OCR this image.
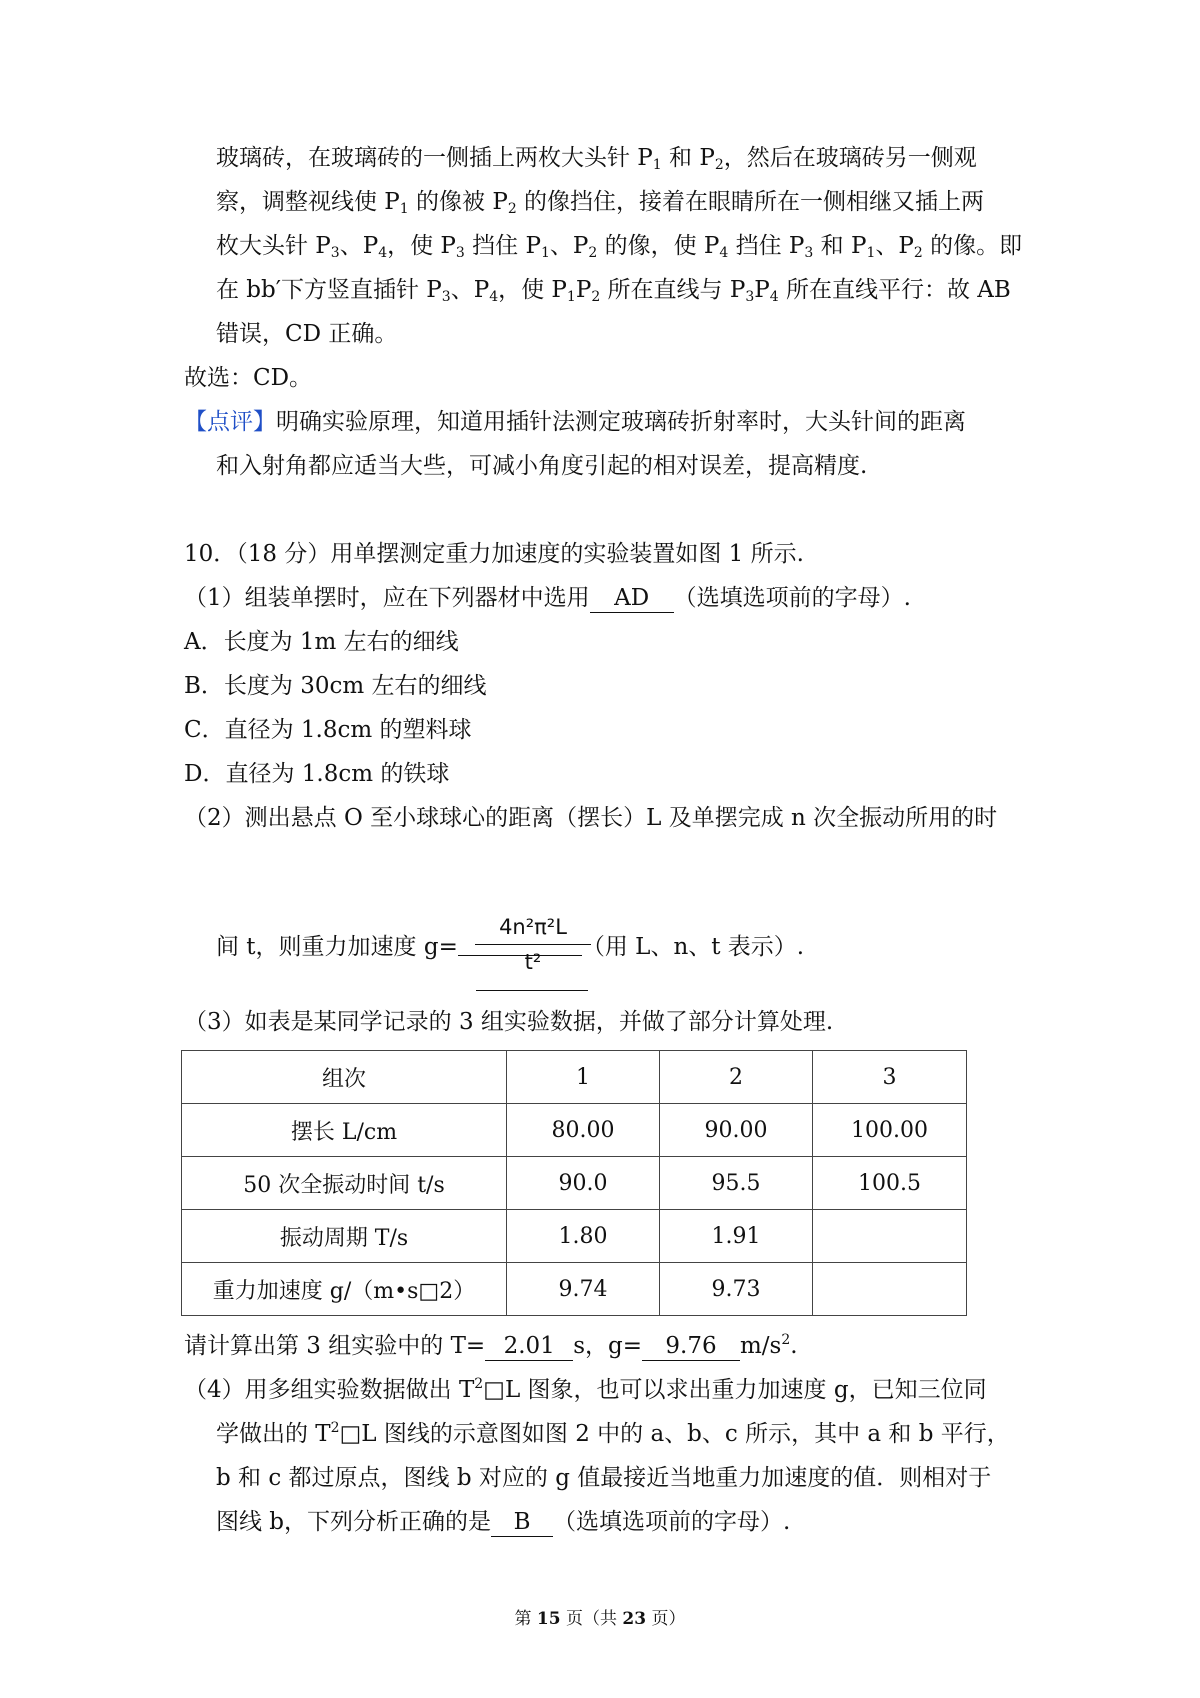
玻璃砖，在玻璃砖的一侧插上两枚大头针 $P_1$ 和 $P_2$，然后在玻璃砖另一侧观
察，调整视线使 $P_1$ 的像被 $P_2$ 的像挡住，接着在眼睛所在一侧相继又插上两
枚大头针 $P_3$、$P_4$，使 $P_3$ 挡住 $P_1$、$P_2$ 的像，使 $P_4$ 挡住 $P_3$ 和 $P_1$、$P_2$ 的像。即
在 bb′下方竖直插针 $P_3$、$P_4$，使 $P_1P_2$ 所在直线与 $P_3P_4$ 所在直线平行：故 AB
错误，CD 正确。
故选：CD。
【点评】明确实验原理，知道用插针法测定玻璃砖折射率时，大头针间的距离
和入射角都应适当大些，可减小角度引起的相对误差，提高精度.
10．（18 分）用单摆测定重力加速度的实验装置如图 1 所示.
（1）组装单摆时，应在下列器材中选用 AD （选填选项前的字母）.
A．长度为 1m 左右的细线
B．长度为 30cm 左右的细线
C．直径为 1.8cm 的塑料球
D．直径为 1.8cm 的铁球
（2）测出悬点 O 至小球球心的距离（摆长）L 及单摆完成 n 次全振动所用的时
间 t，则重力加速度 g=	（用 L、n、t 表示）.
4n²π²L
t²
（3）如表是某同学记录的 3 组实验数据，并做了部分计算处理.
组次	1	2	3
摆长 L/cm	80.00	90.00	100.00
50 次全振动时间 t/s	90.0	95.5	100.5
振动周期 T/s	1.80	1.91	
重力加速度 g/（m•s□2）	9.74	9.73	
请计算出第 3 组实验中的 T= 2.01 s，g= 9.76 $m/s^2$.
（4）用多组实验数据做出 $T^2□L$ 图象，也可以求出重力加速度 g，已知三位同
学做出的 $T^2□L$ 图线的示意图如图 2 中的 a、b、c 所示，其中 a 和 b 平行，
b 和 c 都过原点，图线 b 对应的 g 值最接近当地重力加速度的值．则相对于
图线 b，下列分析正确的是 B （选填选项前的字母）.
第 15 页（共 23 页）
